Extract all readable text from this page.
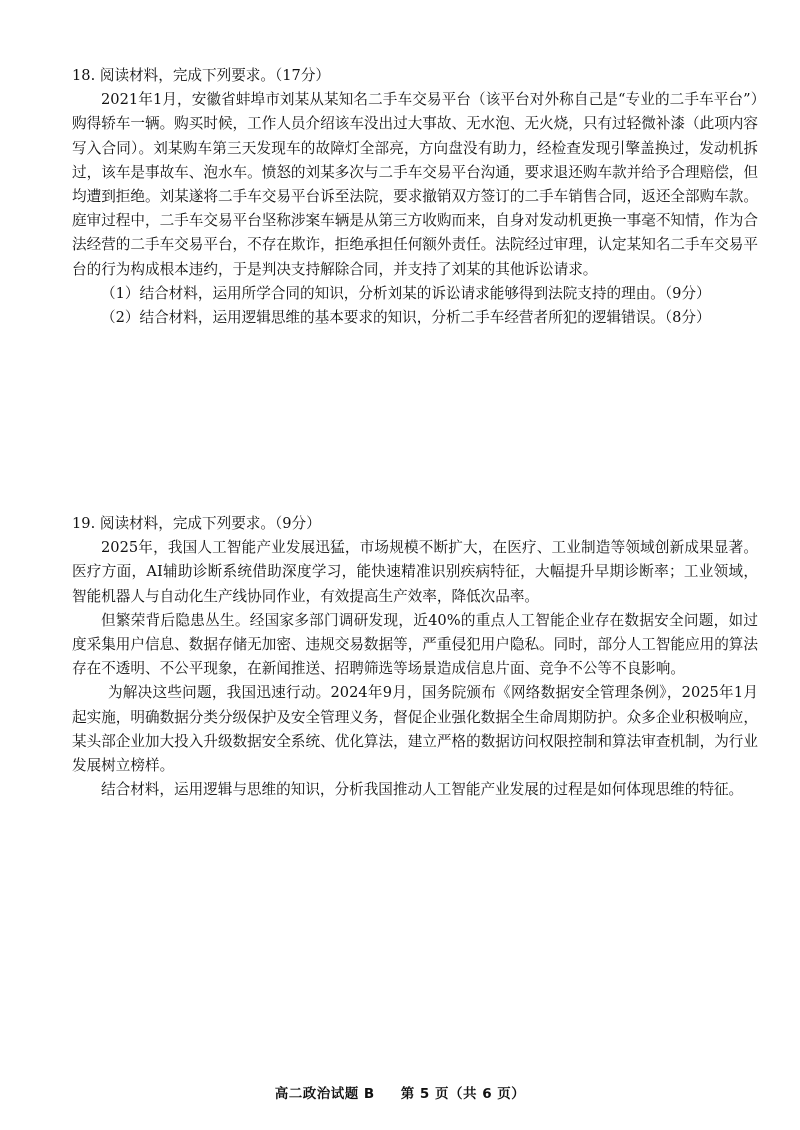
18. 阅读材料，完成下列要求。（17分）

2021年1月，安徽省蚌埠市刘某从某知名二手车交易平台（该平台对外称自己是“专业的二手车平台”）购得轿车一辆。购买时候，工作人员介绍该车没出过大事故、无水泡、无火烧，只有过轻微补漆（此项内容写入合同）。刘某购车第三天发现车的故障灯全部亮，方向盘没有助力，经检查发现引擎盖换过，发动机拆过，该车是事故车、泡水车。愤怒的刘某多次与二手车交易平台沟通，要求退还购车款并给予合理赔偿，但均遭到拒绝。刘某遂将二手车交易平台诉至法院，要求撤销双方签订的二手车销售合同，返还全部购车款。庭审过程中，二手车交易平台坚称涉案车辆是从第三方收购而来，自身对发动机更换一事毫不知情，作为合法经营的二手车交易平台，不存在欺诈，拒绝承担任何额外责任。法院经过审理，认定某知名二手车交易平台的行为构成根本违约，于是判决支持解除合同，并支持了刘某的其他诉讼请求。

（1）结合材料，运用所学合同的知识，分析刘某的诉讼请求能够得到法院支持的理由。（9分）

（2）结合材料，运用逻辑思维的基本要求的知识，分析二手车经营者所犯的逻辑错误。（8分）

19. 阅读材料，完成下列要求。（9分）

2025年，我国人工智能产业发展迅猛，市场规模不断扩大，在医疗、工业制造等领域创新成果显著。医疗方面，AI辅助诊断系统借助深度学习，能快速精准识别疾病特征，大幅提升早期诊断率；工业领域，智能机器人与自动化生产线协同作业，有效提高生产效率，降低次品率。

但繁荣背后隐患丛生。经国家多部门调研发现，近40%的重点人工智能企业存在数据安全问题，如过度采集用户信息、数据存储无加密、违规交易数据等，严重侵犯用户隐私。同时，部分人工智能应用的算法存在不透明、不公平现象，在新闻推送、招聘筛选等场景造成信息片面、竞争不公等不良影响。

为解决这些问题，我国迅速行动。2024年9月，国务院颁布《网络数据安全管理条例》，2025年1月起实施，明确数据分类分级保护及安全管理义务，督促企业强化数据全生命周期防护。众多企业积极响应，某头部企业加大投入升级数据安全系统、优化算法，建立严格的数据访问权限控制和算法审查机制，为行业发展树立榜样。

结合材料，运用逻辑与思维的知识，分析我国推动人工智能产业发展的过程是如何体现思维的特征。

高二政治试题 B 第 5 页（共 6 页）
